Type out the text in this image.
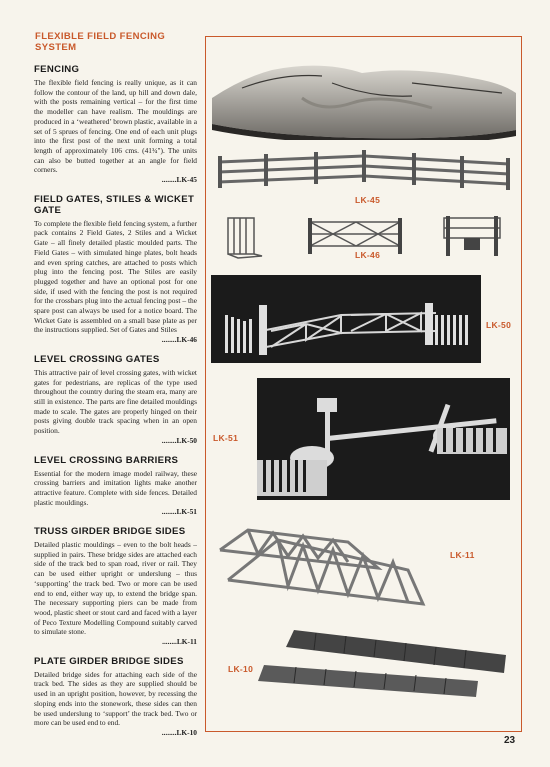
FLEXIBLE FIELD FENCING
SYSTEM
FENCING

The flexible field fencing is really unique, as it can follow the contour of the land, up hill and down dale, with the posts remaining vertical – for the first time the modeller can have realism. The mouldings are produced in a ‘weathered’ brown plastic, available in a set of 5 sprues of fencing. One end of each unit plugs into the first post of the next unit forming a total length of approximately 106 cms. (41¾"). The units can also be butted together at an angle for field corners.

........LK-45
FIELD GATES, STILES & WICKET GATE

To complete the flexible field fencing system, a further pack contains 2 Field Gates, 2 Stiles and a Wicket Gate – all finely detailed plastic moulded parts. The Field Gates – with simulated hinge plates, bolt heads and even spring catches, are attached to posts which plug into the fencing post. The Stiles are easily plugged together and have an optional post for one side, if used with the fencing the post is not required for the crossbars plug into the actual fencing post – the spare post can always be used for a notice board. The Wicket Gate is assembled on a small base plate as per the instructions supplied. Set of Gates and Stiles

........LK-46
LEVEL CROSSING GATES

This attractive pair of level crossing gates, with wicket gates for pedestrians, are replicas of the type used throughout the country during the steam era, many are still in existence. The parts are fine detailed mouldings made to scale. The gates are properly hinged on their posts giving double track spacing when in an open position.

........LK-50
LEVEL CROSSING BARRIERS

Essential for the modern image model railway, these crossing barriers and imitation lights make another attractive feature. Complete with side fences. Detailed plastic mouldings.

........LK-51
TRUSS GIRDER BRIDGE SIDES

Detailed plastic mouldings – even to the bolt heads – supplied in pairs. These bridge sides are attached each side of the track bed to span road, river or rail. They can be used either upright or underslung – thus ‘supporting’ the track bed. Two or more can be used end to end, either way up, to extend the bridge span. The necessary supporting piers can be made from wood, plastic sheet or stout card and faced with a layer of Peco Texture Modelling Compound suitably carved to simulate stone.

........LK-11
PLATE GIRDER BRIDGE SIDES

Detailed bridge sides for attaching each side of the track bed. The sides as they are supplied should be used in an upright position, however, by recessing the sloping ends into the stonework, these sides can then be used underslung to ‘support’ the track bed. Two or more can be used end to end.

........LK-10
LK-45
LK-46
LK-50
LK-51
LK-11
LK-10
23
